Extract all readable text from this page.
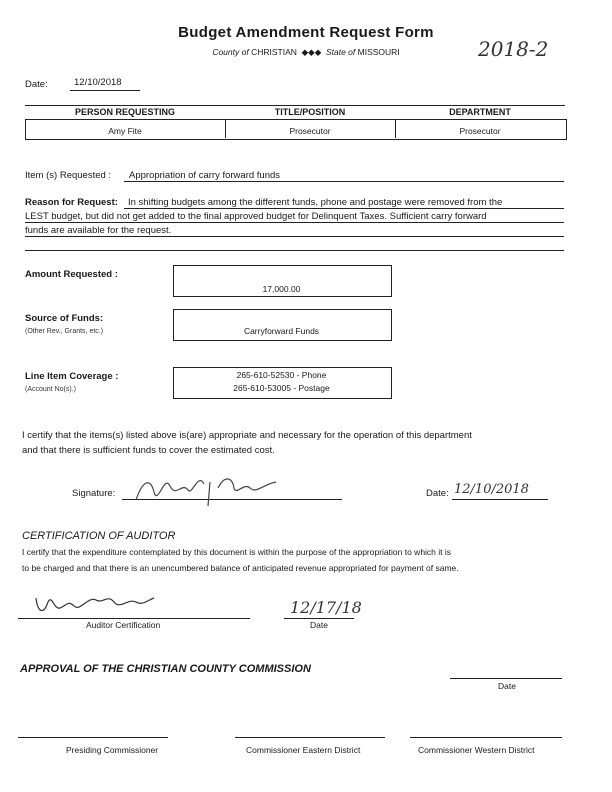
Budget Amendment Request Form
County of CHRISTIAN  ◆◆◆  State of MISSOURI	2018-2
Date:	12/10/2018
PERSON REQUESTING	TITLE/POSITION	DEPARTMENT
Amy Fite	Prosecutor	Prosecutor
Item (s) Requested : Appropriation of carry forward funds
Reason for Request: In shifting budgets among the different funds, phone and postage were removed from the
LEST budget, but did not get added to the final approved budget for Delinquent Taxes. Sufficient carry forward
funds are available for the request.
Amount Requested :
17,000.00
Source of Funds:
(Other Rev., Grants, etc.)	Carryforward Funds
Line Item Coverage :
(Account No(s).)
265-610-52530 - Phone
265-610-53005 - Postage
I certify that the items(s) listed above is(are) appropriate and necessary for the operation of this department
and that there is sufficient funds to cover the estimated cost.
Signature:	Date: 12/10/2018
CERTIFICATION OF AUDITOR
I certify that the expenditure contemplated by this document is within the purpose of the appropriation to which it is
to be charged and that there is an unencumbered balance of anticipated revenue appropriated for payment of same.
Auditor Certification
12/17/18
Date
APPROVAL OF THE CHRISTIAN COUNTY COMMISSION
Date
Presiding Commissioner	Commissioner Eastern District	Commissioner Western District
